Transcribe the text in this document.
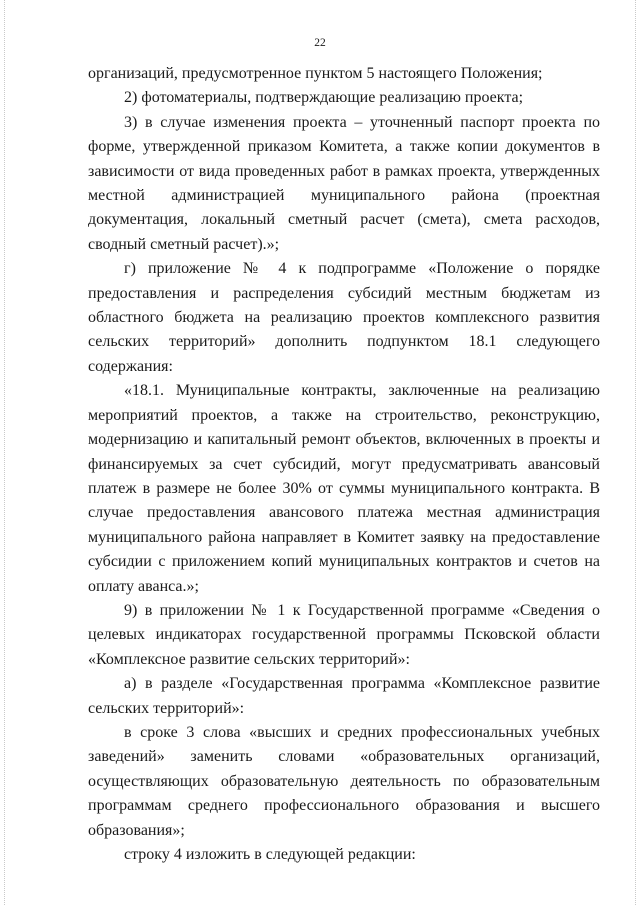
22

организаций, предусмотренное пунктом 5 настоящего Положения;

2) фотоматериалы, подтверждающие реализацию проекта;

3) в случае изменения проекта – уточненный паспорт проекта по форме, утвержденной приказом Комитета, а также копии документов в зависимости от вида проведенных работ в рамках проекта, утвержденных местной администрацией муниципального района (проектная документация, локальный сметный расчет (смета), смета расходов, сводный сметный расчет).»;

г) приложение № 4 к подпрограмме «Положение о порядке предоставления и распределения субсидий местным бюджетам из областного бюджета на реализацию проектов комплексного развития сельских территорий» дополнить подпунктом 18.1 следующего содержания:

«18.1. Муниципальные контракты, заключенные на реализацию мероприятий проектов, а также на строительство, реконструкцию, модернизацию и капитальный ремонт объектов, включенных в проекты и финансируемых за счет субсидий, могут предусматривать авансовый платеж в размере не более 30% от суммы муниципального контракта. В случае предоставления авансового платежа местная администрация муниципального района направляет в Комитет заявку на предоставление субсидии с приложением копий муниципальных контрактов и счетов на оплату аванса.»;

9) в приложении № 1 к Государственной программе «Сведения о целевых индикаторах государственной программы Псковской области «Комплексное развитие сельских территорий»:

а) в разделе «Государственная программа «Комплексное развитие сельских территорий»:

в сроке 3 слова «высших и средних профессиональных учебных заведений» заменить словами «образовательных организаций, осуществляющих образовательную деятельность по образовательным программам среднего профессионального образования и высшего образования»;

строку 4 изложить в следующей редакции:
